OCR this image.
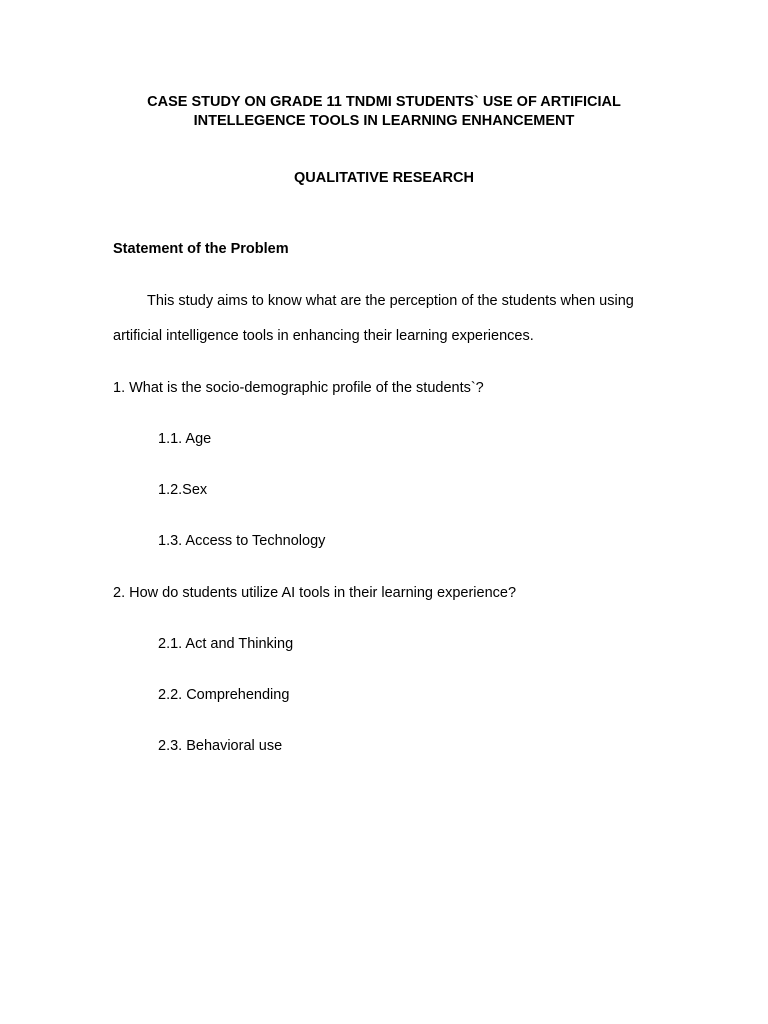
CASE STUDY ON GRADE 11 TNDMI STUDENTS` USE OF ARTIFICIAL

INTELLEGENCE TOOLS IN LEARNING ENHANCEMENT

QUALITATIVE RESEARCH

Statement of the Problem

This study aims to know what are the perception of the students when using

artificial intelligence tools in enhancing their learning experiences.

1. What is the socio-demographic profile of the students`?

1.1. Age

1.2.Sex

1.3. Access to Technology

2. How do students utilize AI tools in their learning experience?

2.1. Act and Thinking

2.2. Comprehending

2.3. Behavioral use
